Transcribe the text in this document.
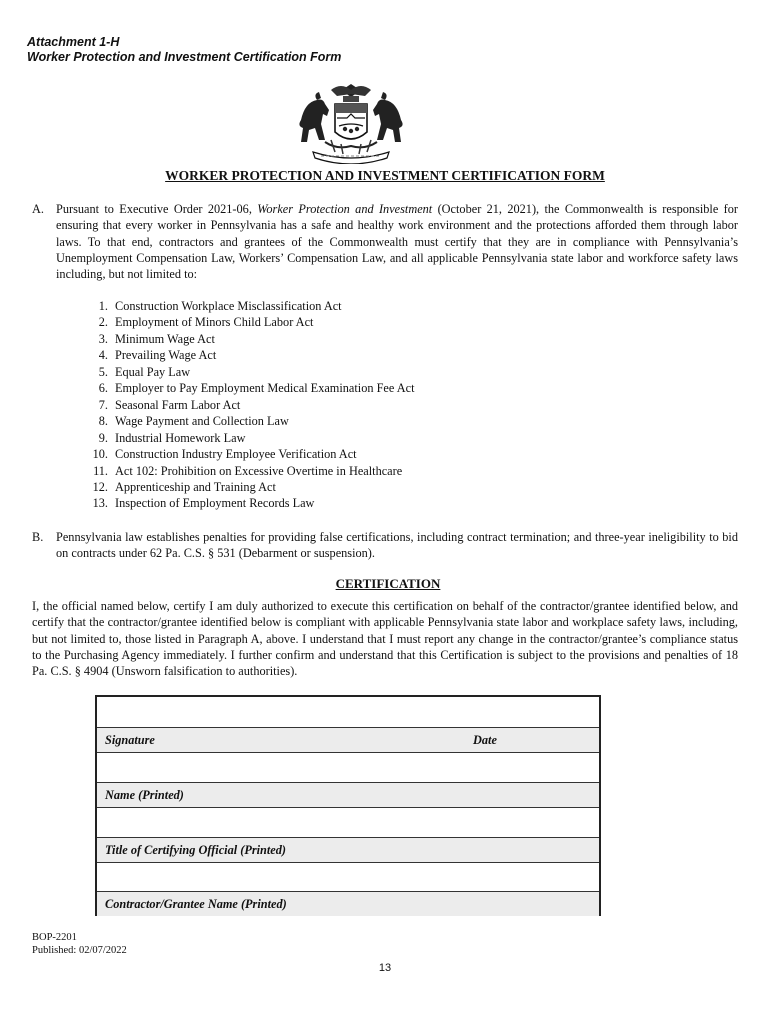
Attachment 1-H
Worker Protection and Investment Certification Form
WORKER PROTECTION AND INVESTMENT CERTIFICATION FORM
A. Pursuant to Executive Order 2021-06, Worker Protection and Investment (October 21, 2021), the Commonwealth is responsible for ensuring that every worker in Pennsylvania has a safe and healthy work environment and the protections afforded them through labor laws. To that end, contractors and grantees of the Commonwealth must certify that they are in compliance with Pennsylvania’s Unemployment Compensation Law, Workers’ Compensation Law, and all applicable Pennsylvania state labor and workforce safety laws including, but not limited to:
1. Construction Workplace Misclassification Act
2. Employment of Minors Child Labor Act
3. Minimum Wage Act
4. Prevailing Wage Act
5. Equal Pay Law
6. Employer to Pay Employment Medical Examination Fee Act
7. Seasonal Farm Labor Act
8. Wage Payment and Collection Law
9. Industrial Homework Law
10. Construction Industry Employee Verification Act
11. Act 102: Prohibition on Excessive Overtime in Healthcare
12. Apprenticeship and Training Act
13. Inspection of Employment Records Law
B. Pennsylvania law establishes penalties for providing false certifications, including contract termination; and three-year ineligibility to bid on contracts under 62 Pa. C.S. § 531 (Debarment or suspension).
CERTIFICATION
I, the official named below, certify I am duly authorized to execute this certification on behalf of the contractor/grantee identified below, and certify that the contractor/grantee identified below is compliant with applicable Pennsylvania state labor and workplace safety laws, including, but not limited to, those listed in Paragraph A, above. I understand that I must report any change in the contractor/grantee’s compliance status to the Purchasing Agency immediately. I further confirm and understand that this Certification is subject to the provisions and penalties of 18 Pa. C.S. § 4904 (Unsworn falsification to authorities).
Signature	Date
Name (Printed)
Title of Certifying Official (Printed)
Contractor/Grantee Name (Printed)
BOP-2201
Published: 02/07/2022
13
